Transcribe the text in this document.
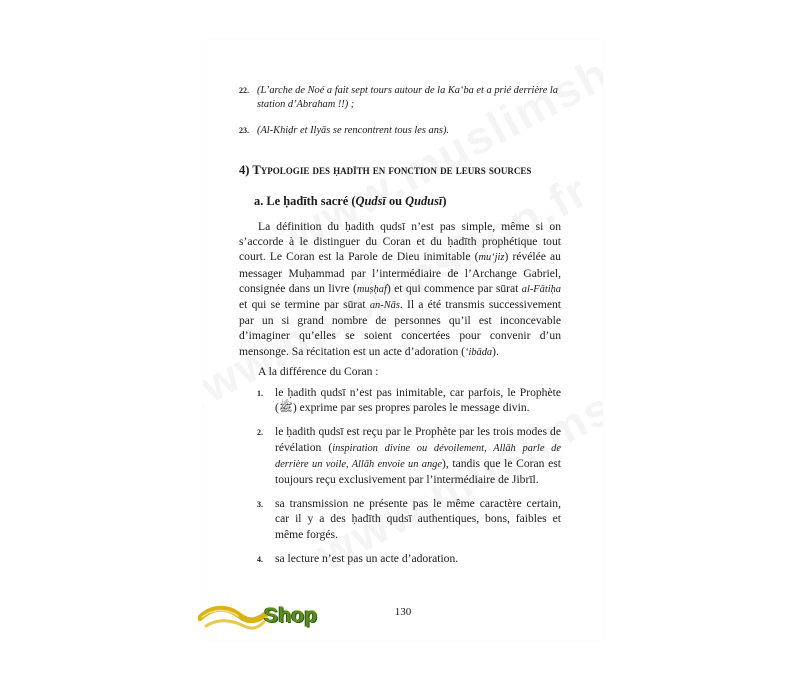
22. (L’arche de Noé a fait sept tours autour de la Ka‘ba et a prié derrière la station d’Abraham !!) ;
23. (Al-Khiḍr et Ilyās se rencontrent tous les ans).
4) Typologie des ḥadīth en fonction de leurs sources
a. Le ḥadīth sacré (Qudsī ou Qudusī)

La définition du ḥadith qudsī n’est pas simple, même si on s’accorde à le distinguer du Coran et du ḥadīth prophétique tout court. Le Coran est la Parole de Dieu inimitable (mu‘jiz) révélée au messager Muḥammad par l’intermédiaire de l’Archange Gabriel, consignée dans un livre (muṣḥaf) et qui commence par sūrat al-Fātiḥa et qui se termine par sūrat an-Nās. Il a été transmis successivement par un si grand nombre de personnes qu’il est inconcevable d’imaginer qu’elles se soient concertées pour convenir d’un mensonge. Sa récitation est un acte d’adoration (‘ibāda).

A la différence du Coran :

1. le ḥadith qudsī n’est pas inimitable, car parfois, le Prophète (ﷺ) exprime par ses propres paroles le message divin.
2. le ḥadith qudsī est reçu par le Prophète par les trois modes de révélation (inspiration divine ou dévoilement, Allāh parle de derrière un voile, Allāh envoie un ange), tandis que le Coran est toujours reçu exclusivement par l’intermédiaire de Jibrīl.
3. sa transmission ne présente pas le même caractère certain, car il y a des ḥadīth qudsī authentiques, bons, faibles et même forgés.
4. sa lecture n’est pas un acte d’adoration.
130
Shop
